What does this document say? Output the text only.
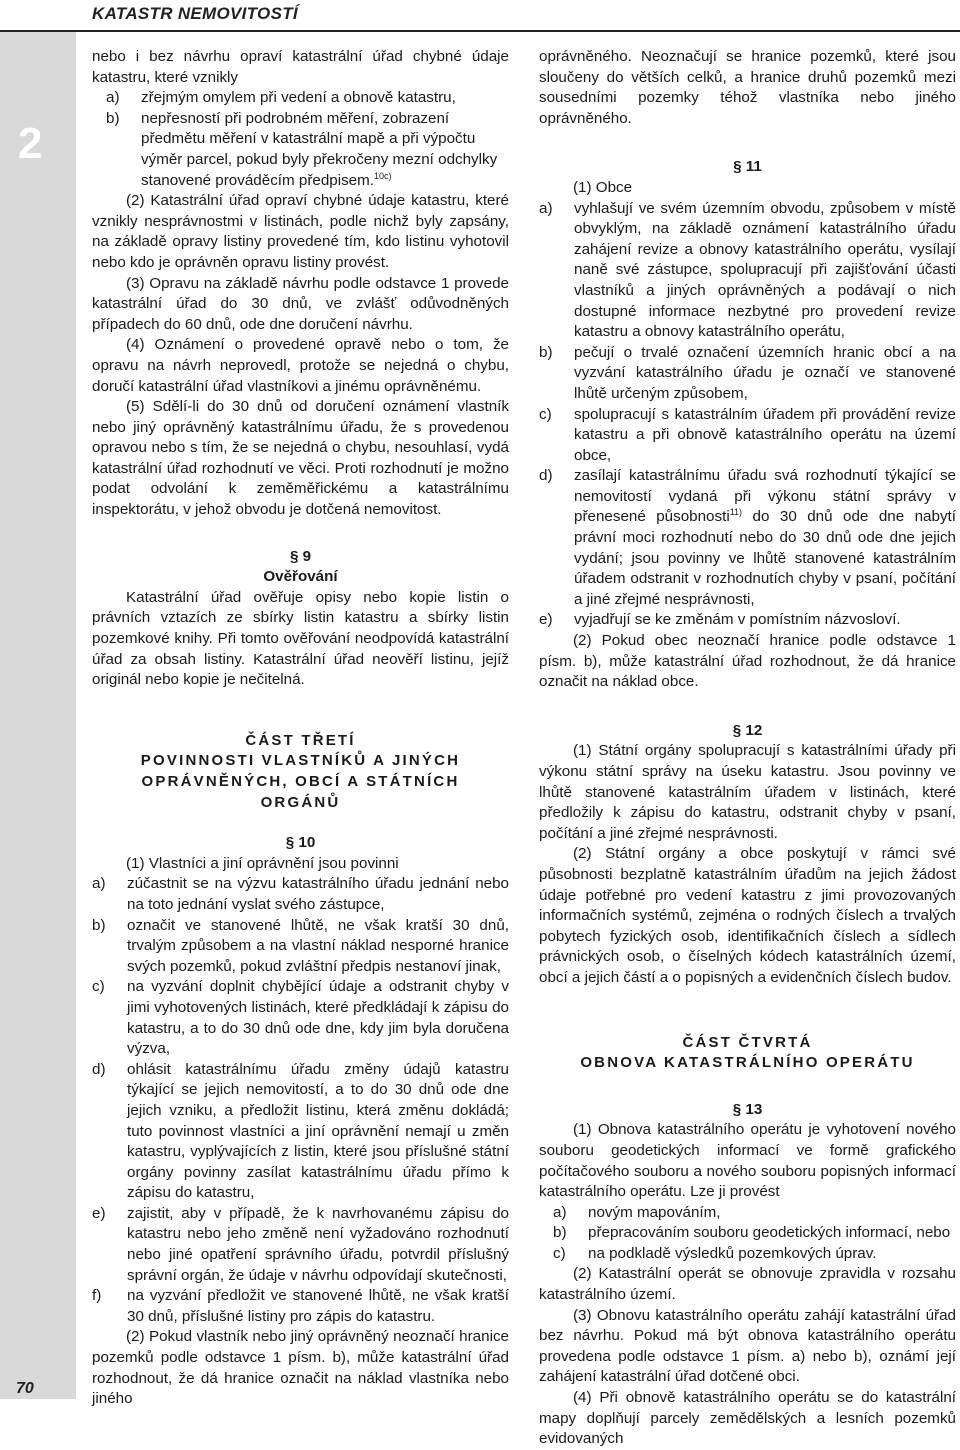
KATASTR NEMOVITOSTÍ
2
70

nebo i bez návrhu opraví katastrální úřad chybné údaje katastru, které vznikly

a)	zřejmým omylem při vedení a obnově katastru,
b)	nepřesností při podrobném měření, zobrazení předmětu měření v katastrální mapě a při výpočtu výměr parcel, pokud byly překročeny mezní odchylky stanovené prováděcím předpisem.$^{10c)}$

(2) Katastrální úřad opraví chybné údaje katastru, které vznikly nesprávnostmi v listinách, podle nichž byly zapsány, na základě opravy listiny provedené tím, kdo listinu vyhotovil nebo kdo je oprávněn opravu listiny provést.

(3) Opravu na základě návrhu podle odstavce 1 provede katastrální úřad do 30 dnů, ve zvlášť odůvodněných případech do 60 dnů, ode dne doručení návrhu.

(4) Oznámení o provedené opravě nebo o tom, že opravu na návrh neprovedl, protože se nejedná o chybu, doručí katastrální úřad vlastníkovi a jinému oprávněnému.

(5) Sdělí-li do 30 dnů od doručení oznámení vlastník nebo jiný oprávněný katastrálnímu úřadu, že s provedenou opravou nebo s tím, že se nejedná o chybu, nesouhlasí, vydá katastrální úřad rozhodnutí ve věci. Proti rozhodnutí je možno podat odvolání k zeměměřickému a katastrálnímu inspektorátu, v jehož obvodu je dotčená nemovitost.

§ 9
Ověřování

Katastrální úřad ověřuje opisy nebo kopie listin o právních vztazích ze sbírky listin katastru a sbírky listin pozemkové knihy. Při tomto ověřování neodpovídá katastrální úřad za obsah listiny. Katastrální úřad neověří listinu, jejíž originál nebo kopie je nečitelná.

ČÁST TŘETÍ
POVINNOSTI VLASTNÍKŮ A JINÝCH
OPRÁVNĚNÝCH, OBCÍ A STÁTNÍCH
ORGÁNŮ
§ 10

(1) Vlastníci a jiní oprávnění jsou povinni

a)	zúčastnit se na výzvu katastrálního úřadu jednání nebo na toto jednání vyslat svého zástupce,
b)	označit ve stanovené lhůtě, ne však kratší 30 dnů, trvalým způsobem a na vlastní náklad nesporné hranice svých pozemků, pokud zvláštní předpis nestanoví jinak,
c)	na vyzvání doplnit chybějící údaje a odstranit chyby v jimi vyhotovených listinách, které předkládají k zápisu do katastru, a to do 30 dnů ode dne, kdy jim byla doručena výzva,
d)	ohlásit katastrálnímu úřadu změny údajů katastru týkající se jejich nemovitostí, a to do 30 dnů ode dne jejich vzniku, a předložit listinu, která změnu dokládá; tuto povinnost vlastníci a jiní oprávnění nemají u změn katastru, vyplývajících z listin, které jsou příslušné státní orgány povinny zasílat katastrálnímu úřadu přímo k zápisu do katastru,
e)	zajistit, aby v případě, že k navrhovanému zápisu do katastru nebo jeho změně není vyžadováno rozhodnutí nebo jiné opatření správního úřadu, potvrdil příslušný správní orgán, že údaje v návrhu odpovídají skutečnosti,
f)	na vyzvání předložit ve stanovené lhůtě, ne však kratší 30 dnů, příslušné listiny pro zápis do katastru.

(2) Pokud vlastník nebo jiný oprávněný neoznačí hranice pozemků podle odstavce 1 písm. b), může katastrální úřad rozhodnout, že dá hranice označit na náklad vlastníka nebo jiného

oprávněného. Neoznačují se hranice pozemků, které jsou sloučeny do větších celků, a hranice druhů pozemků mezi sousedními pozemky téhož vlastníka nebo jiného oprávněného.

§ 11

(1) Obce

a)	vyhlašují ve svém územním obvodu, způsobem v místě obvyklým, na základě oznámení katastrálního úřadu zahájení revize a obnovy katastrálního operátu, vysílají naně své zástupce, spolupracují při zajišťování účasti vlastníků a jiných oprávněných a podávají o nich dostupné informace nezbytné pro provedení revize katastru a obnovy katastrálního operátu,
b)	pečují o trvalé označení územních hranic obcí a na vyzvání katastrálního úřadu je označí ve stanovené lhůtě určeným způsobem,
c)	spolupracují s katastrálním úřadem při provádění revize katastru a při obnově katastrálního operátu na území obce,
d)	zasílají katastrálnímu úřadu svá rozhodnutí týkající se nemovitostí vydaná při výkonu státní správy v přenesené působnosti$^{11)}$ do 30 dnů ode dne nabytí právní moci rozhodnutí nebo do 30 dnů ode dne jejich vydání; jsou povinny ve lhůtě stanovené katastrálním úřadem odstranit v rozhodnutích chyby v psaní, počítání a jiné zřejmé nesprávnosti,
e)	vyjadřují se ke změnám v pomístním názvosloví.

(2) Pokud obec neoznačí hranice podle odstavce 1 písm. b), může katastrální úřad rozhodnout, že dá hranice označit na náklad obce.

§ 12

(1) Státní orgány spolupracují s katastrálními úřady při výkonu státní správy na úseku katastru. Jsou povinny ve lhůtě stanovené katastrálním úřadem v listinách, které předložily k zápisu do katastru, odstranit chyby v psaní, počítání a jiné zřejmé nesprávnosti.

(2) Státní orgány a obce poskytují v rámci své působnosti bezplatně katastrálním úřadům na jejich žádost údaje potřebné pro vedení katastru z jimi provozovaných informačních systémů, zejména o rodných číslech a trvalých pobytech fyzických osob, identifikačních číslech a sídlech právnických osob, o číselných kódech katastrálních území, obcí a jejich částí a o popisných a evidenčních číslech budov.

ČÁST ČTVRTÁ
OBNOVA KATASTRÁLNÍHO OPERÁTU
§ 13

(1) Obnova katastrálního operátu je vyhotovení nového souboru geodetických informací ve formě grafického počítačového souboru a nového souboru popisných informací katastrálního operátu. Lze ji provést

a)	novým mapováním,
b)	přepracováním souboru geodetických informací, nebo
c)	na podkladě výsledků pozemkových úprav.

(2) Katastrální operát se obnovuje zpravidla v rozsahu katastrálního území.

(3) Obnovu katastrálního operátu zahájí katastrální úřad bez návrhu. Pokud má být obnova katastrálního operátu provedena podle odstavce 1 písm. a) nebo b), oznámí její zahájení katastrální úřad dotčené obci.

(4) Při obnově katastrálního operátu se do katastrální mapy doplňují parcely zemědělských a lesních pozemků evidovaných
